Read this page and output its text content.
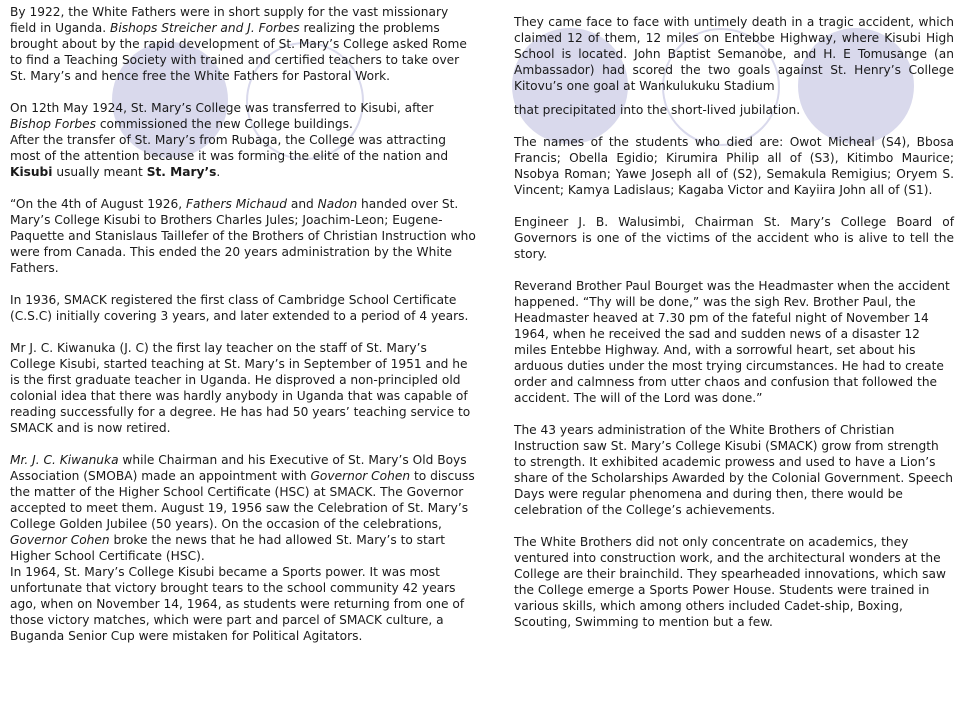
By 1922, the White Fathers were in short supply for the vast missionary field in Uganda. Bishops Streicher and J. Forbes realizing the problems brought about by the rapid development of St. Mary’s College asked Rome to find a Teaching Society with trained and certified teachers to take over St. Mary’s and hence free the White Fathers for Pastoral Work.

On 12th May 1924, St. Mary’s College was transferred to Kisubi, after Bishop Forbes commissioned the new College buildings.
After the transfer of St. Mary’s from Rubaga, the College was attracting most of the attention because it was forming the elite of the nation and Kisubi usually meant St. Mary’s.

“On the 4th of August 1926, Fathers Michaud and Nadon handed over St. Mary’s College Kisubi to Brothers Charles Jules; Joachim-Leon; Eugene-Paquette and Stanislaus Taillefer of the Brothers of Christian Instruction who were from Canada. This ended the 20 years administration by the White Fathers.

In 1936, SMACK registered the first class of Cambridge School Certificate (C.S.C) initially covering 3 years, and later extended to a period of 4 years.

Mr J. C. Kiwanuka (J. C) the first lay teacher on the staff of St. Mary’s College Kisubi, started teaching at St. Mary’s in September of 1951 and he is the first graduate teacher in Uganda. He disproved a non-principled old colonial idea that there was hardly anybody in Uganda that was capable of reading successfully for a degree. He has had 50 years’ teaching service to SMACK and is now retired.

Mr. J. C. Kiwanuka while Chairman and his Executive of St. Mary’s Old Boys Association (SMOBA) made an appointment with Governor Cohen to discuss the matter of the Higher School Certificate (HSC) at SMACK. The Governor accepted to meet them. August 19, 1956 saw the Celebration of St. Mary’s College Golden Jubilee (50 years). On the occasion of the celebrations, Governor Cohen broke the news that he had allowed St. Mary’s to start Higher School Certificate (HSC).
In 1964, St. Mary’s College Kisubi became a Sports power. It was most unfortunate that victory brought tears to the school community 42 years ago, when on November 14, 1964, as students were returning from one of those victory matches, which were part and parcel of SMACK culture, a Buganda Senior Cup were mistaken for Political Agitators.

They came face to face with untimely death in a tragic accident, which claimed 12 of them, 12 miles on Entebbe Highway, where Kisubi High School is located. John Baptist Semanobe, and H. E Tomusange (an Ambassador) had scored the two goals against St. Henry’s College Kitovu’s one goal at Wankulukuku Stadium

that precipitated into the short-lived jubilation.

The names of the students who died are: Owot Micheal (S4), Bbosa Francis; Obella Egidio; Kirumira Philip all of (S3), Kitimbo Maurice; Nsobya Roman; Yawe Joseph all of (S2), Semakula Remigius; Oryem S. Vincent; Kamya Ladislaus; Kagaba Victor and Kayiira John all of (S1).

Engineer J. B. Walusimbi, Chairman St. Mary’s College Board of Governors is one of the victims of the accident who is alive to tell the story.

Reverand Brother Paul Bourget was the Headmaster when the accident happened. “Thy will be done,” was the sigh Rev. Brother Paul, the Headmaster heaved at 7.30 pm of the fateful night of November 14 1964, when he received the sad and sudden news of a disaster 12 miles Entebbe Highway. And, with a sorrowful heart, set about his arduous duties under the most trying circumstances. He had to create order and calmness from utter chaos and confusion that followed the accident. The will of the Lord was done.”

The 43 years administration of the White Brothers of Christian Instruction saw St. Mary’s College Kisubi (SMACK) grow from strength to strength. It exhibited academic prowess and used to have a Lion’s share of the Scholarships Awarded by the Colonial Government. Speech Days were regular phenomena and during then, there would be celebration of the College’s achievements.

The White Brothers did not only concentrate on academics, they ventured into construction work, and the architectural wonders at the College are their brainchild. They spearheaded innovations, which saw the College emerge a Sports Power House. Students were trained in various skills, which among others included Cadet-ship, Boxing, Scouting, Swimming to mention but a few.
